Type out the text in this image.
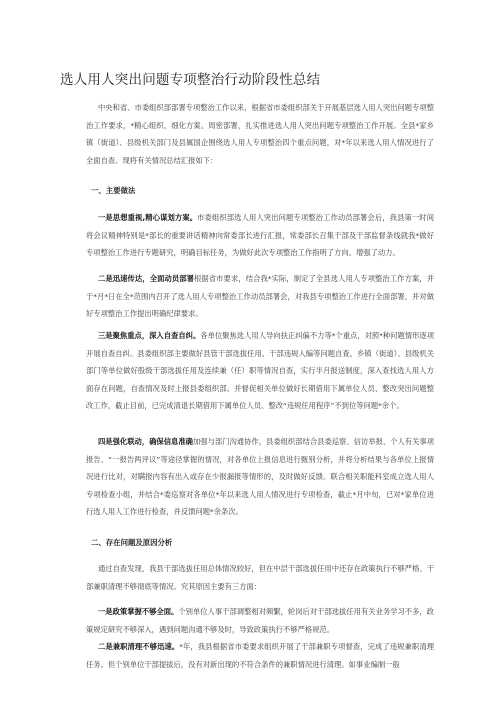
选人用人突出问题专项整治行动阶段性总结

中央和省、市委组织部部署专项整治工作以来，根据省市委组织部关于开展基层选人用人突出问题专项整治工作要求，*精心组织、细化方案、周密部署，扎实推进选人用人突出问题专项整治工作开展。全县*家乡镇（街道）、县级机关部门及县属国企围绕选人用人专项整治四个重点问题，对*年以来选人用人情况进行了全面自查。现将有关情况总结汇报如下：

一、主要做法

一是思想重视,精心谋划方案。市委组织部选人用人突出问题专项整治工作动员部署会后，我县第一时间将会议精神特别是*部长的重要讲话精神向常委部长进行汇报，常委部长召集干部及干部监督条线就我*做好专项整治工作进行专题研究，明确目标任务，为做好此次专项整治工作指明了方向、增强了动力。

二是迅速传达，全面动员部署根据省市要求，结合我*实际，制定了全县选人用人专项整治工作方案，并于*月*日在全*范围内召开了选人用人专项整治工作动员部署会，对我县专项整治工作进行全面部署，并对做好专项整治工作提出明确纪律要求。

三是聚焦重点，深入自查自纠。各单位聚焦选人用人导向扶正纠偏不力等*个重点，对照*种问题情形逐项开展自查自纠。县委组织部主要做好县管干部选拔任用、干部违规入编等问题自查，乡镇（街道）、县级机关部门等单位做好股级干部选拔任用及连续兼（任）职等情况自查，实行半月报送制度，深入查找选人用人方面存在问题，自查情况及时上报县委组织部。并督促相关单位做好长期借用下属单位人员、整改突出问题整改工作，截止目前，已完成清退长期借用下属单位人员、整改“违规任用程序”不到位等问题*余个。

四是强化联动，确保信息准确加强与部门沟通协作，县委组织部结合县委巡察、信访举报、个人有关事项报告、“一报告两评议”等途径掌握的情况，对各单位上报信息进行甄别分析，并将分析结果与各单位上报情况进行比对，对瞒报内容有出入或存在少报漏报等情形的，及时做好反馈。联合相关职能科室成立选人用人专项检查小组，并结合*委巡察对各单位*年以来选人用人情况进行专项检查，截止*月中旬，已对*家单位进行选人用人工作进行检查，并反馈问题*余条次。

二、存在问题及原因分析

通过自查发现，我县干部选拔任用总体情况较好，但在中层干部选拔任用中还存在政策执行不够严格、干部兼职清理不够彻底等情况。究其原因主要有三方面：

一是政策掌握不够全面。个别单位人事干部调整相对频繁，轮岗后对干部选拔任用有关业务学习不多，政策规定研究不够深入，遇到问题沟通不够及时，导致政策执行不够严格规范。

二是兼职清理不够迅速。*年，我县根据省市委要求组织开展了干部兼职专项督查，完成了违规兼职清理任务。但个别单位干部提拔后，没有对新出现的不符合条件的兼职情况进行清理。如事业编制一般
